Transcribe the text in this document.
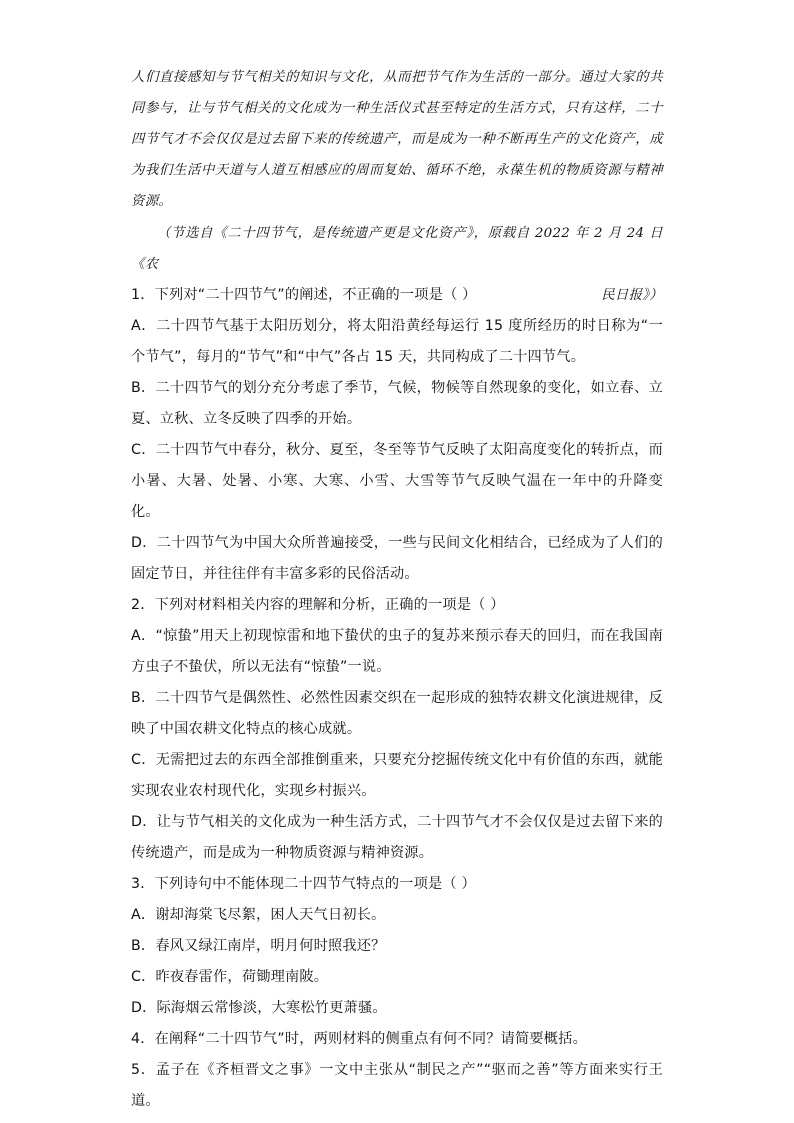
人们直接感知与节气相关的知识与文化，从而把节气作为生活的一部分。通过大家的共同参与，让与节气相关的文化成为一种生活仪式甚至特定的生活方式，只有这样，二十四节气才不会仅仅是过去留下来的传统遗产，而是成为一种不断再生产的文化资产，成为我们生活中天道与人道互相感应的周而复始、循环不绝，永葆生机的物质资源与精神资源。

（节选自《二十四节气，是传统遗产更是文化资产》，原载自 2022 年 2 月 24 日《农
民日报》）

1．下列对“二十四节气”的阐述，不正确的一项是（ ）

A．二十四节气基于太阳历划分，将太阳沿黄经每运行 15 度所经历的时日称为“一个节气”，每月的“节气”和“中气”各占 15 天，共同构成了二十四节气。

B．二十四节气的划分充分考虑了季节，气候，物候等自然现象的变化，如立春、立夏、立秋、立冬反映了四季的开始。

C．二十四节气中春分，秋分、夏至，冬至等节气反映了太阳高度变化的转折点，而小暑、大暑、处暑、小寒、大寒、小雪、大雪等节气反映气温在一年中的升降变化。

D．二十四节气为中国大众所普遍接受，一些与民间文化相结合，已经成为了人们的固定节日，并往往伴有丰富多彩的民俗活动。

2．下列对材料相关内容的理解和分析，正确的一项是（ ）

A．“惊蛰”用天上初现惊雷和地下蛰伏的虫子的复苏来预示春天的回归，而在我国南方虫子不蛰伏，所以无法有“惊蛰”一说。

B．二十四节气是偶然性、必然性因素交织在一起形成的独特农耕文化演进规律，反映了中国农耕文化特点的核心成就。

C．无需把过去的东西全部推倒重来，只要充分挖掘传统文化中有价值的东西，就能实现农业农村现代化，实现乡村振兴。

D．让与节气相关的文化成为一种生活方式，二十四节气才不会仅仅是过去留下来的传统遗产，而是成为一种物质资源与精神资源。

3．下列诗句中不能体现二十四节气特点的一项是（ ）

A．谢却海棠飞尽絮，困人天气日初长。

B．春风又绿江南岸，明月何时照我还？

C．昨夜春雷作，荷锄理南陂。

D．际海烟云常惨淡，大寒松竹更萧骚。

4．在阐释“二十四节气”时，两则材料的侧重点有何不同？请简要概括。

5．孟子在《齐桓晋文之事》一文中主张从“制民之产”“驱而之善”等方面来实行王道。
